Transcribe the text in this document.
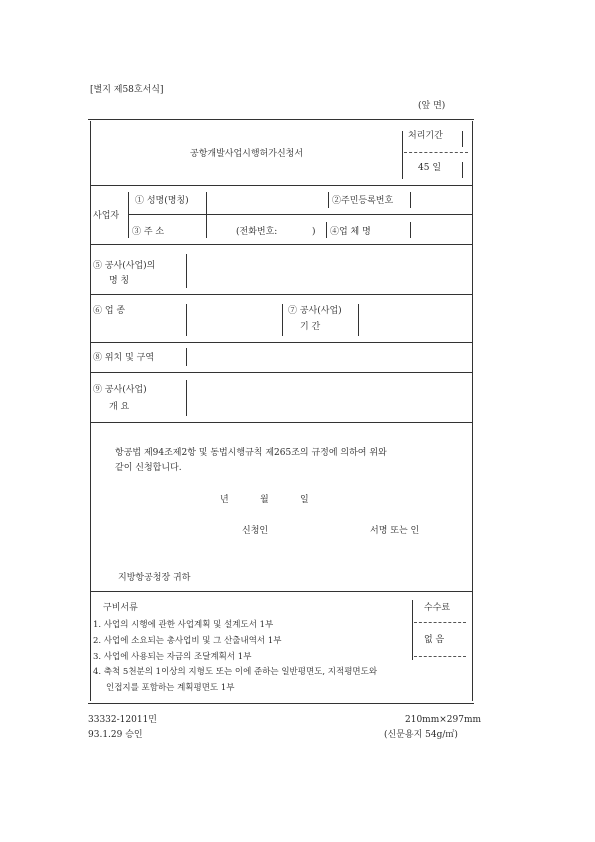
[별지 제58호서식]
(앞 면)
공항개발사업시행허가신청서
처리기간
45 일
사업자
① 성명(명칭)	②주민등록번호
③ 주 소	(전화번호:	) ④업 체 명
⑤ 공사(사업)의
명 칭
⑥ 업 종	⑦ 공사(사업)
기 간
⑧ 위치 및 구역
⑨ 공사(사업)
개 요
항공법 제94조제2항 및 동법시행규칙 제265조의 규정에 의하여 위와
같이 신청합니다.
년	월	일
신청인	서명 또는 인
지방항공청장 귀하
구비서류
1. 사업의 시행에 관한 사업계획 및 설계도서 1부
2. 사업에 소요되는 총사업비 및 그 산출내역서 1부
3. 사업에 사용되는 자금의 조달계획서 1부
4. 축척 5천분의 1이상의 지형도 또는 이에 준하는 일반평면도, 지적평면도와
인접지를 포함하는 계획평면도 1부
수수료
없 음
33332-12011민
93.1.29 승인
210mm×297mm
(신문용지 54g/㎡)
